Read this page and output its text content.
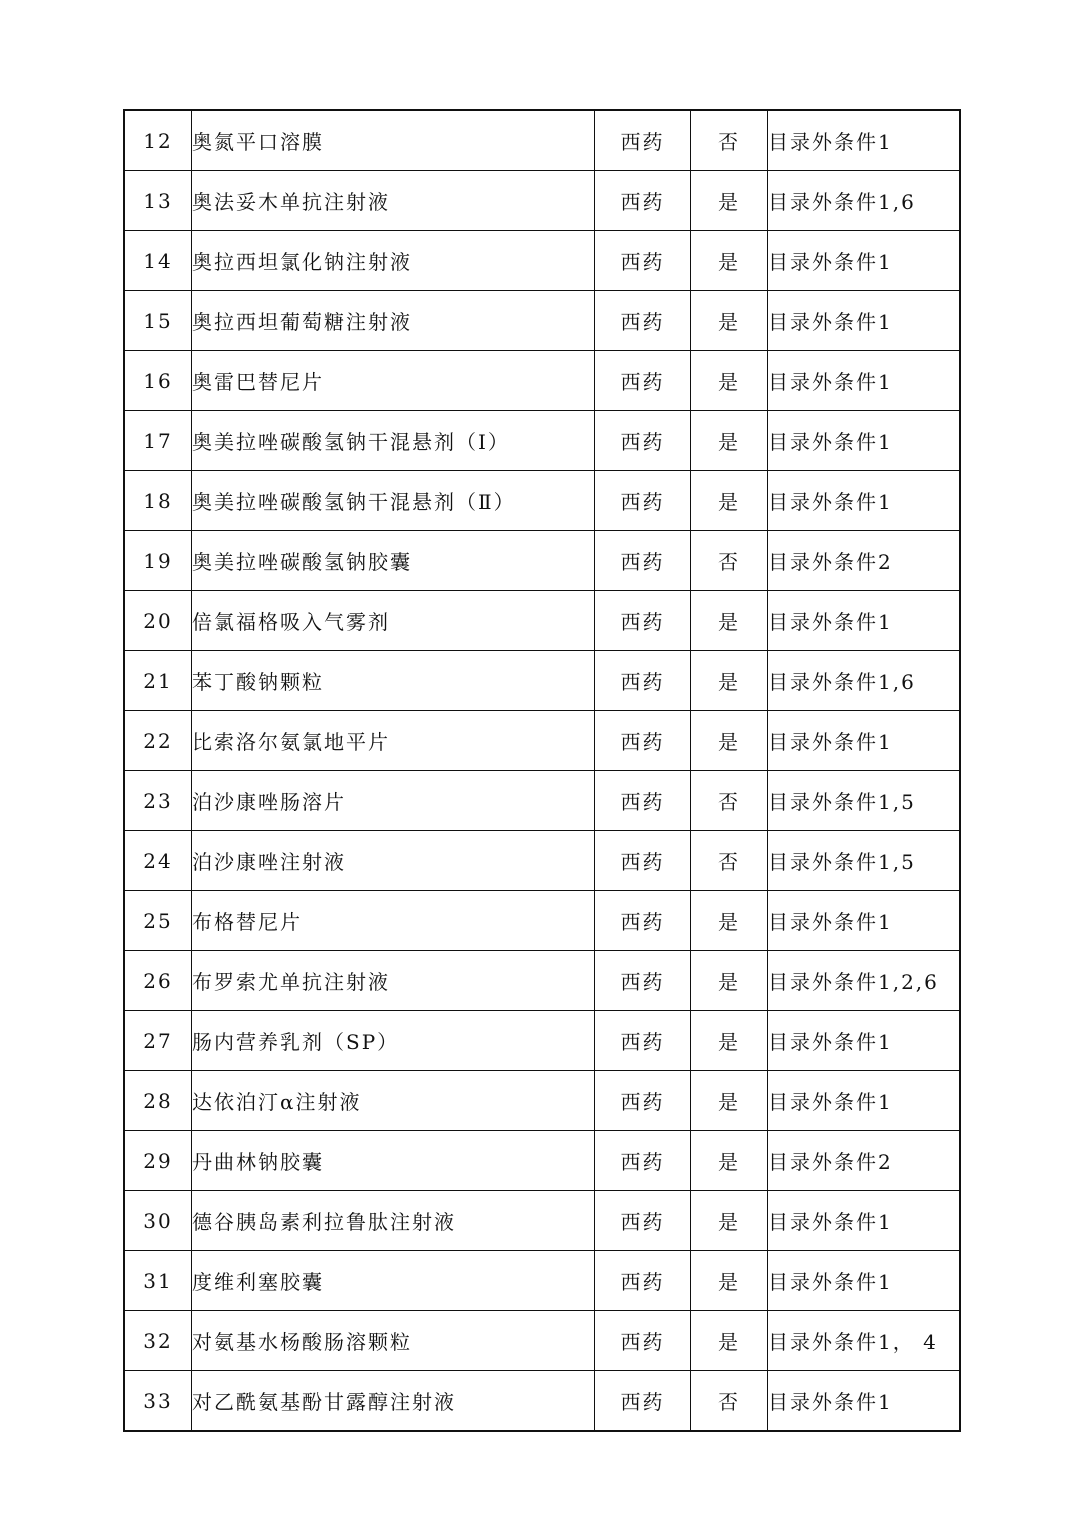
12	奥氮平口溶膜	西药	否	目录外条件1
13	奥法妥木单抗注射液	西药	是	目录外条件1,6
14	奥拉西坦氯化钠注射液	西药	是	目录外条件1
15	奥拉西坦葡萄糖注射液	西药	是	目录外条件1
16	奥雷巴替尼片	西药	是	目录外条件1
17	奥美拉唑碳酸氢钠干混悬剂（Ⅰ）	西药	是	目录外条件1
18	奥美拉唑碳酸氢钠干混悬剂（Ⅱ）	西药	是	目录外条件1
19	奥美拉唑碳酸氢钠胶囊	西药	否	目录外条件2
20	倍氯福格吸入气雾剂	西药	是	目录外条件1
21	苯丁酸钠颗粒	西药	是	目录外条件1,6
22	比索洛尔氨氯地平片	西药	是	目录外条件1
23	泊沙康唑肠溶片	西药	否	目录外条件1,5
24	泊沙康唑注射液	西药	否	目录外条件1,5
25	布格替尼片	西药	是	目录外条件1
26	布罗索尤单抗注射液	西药	是	目录外条件1,2,6
27	肠内营养乳剂（SP）	西药	是	目录外条件1
28	达依泊汀α注射液	西药	是	目录外条件1
29	丹曲林钠胶囊	西药	是	目录外条件2
30	德谷胰岛素利拉鲁肽注射液	西药	是	目录外条件1
31	度维利塞胶囊	西药	是	目录外条件1
32	对氨基水杨酸肠溶颗粒	西药	是	目录外条件1， 4
33	对乙酰氨基酚甘露醇注射液	西药	否	目录外条件1
